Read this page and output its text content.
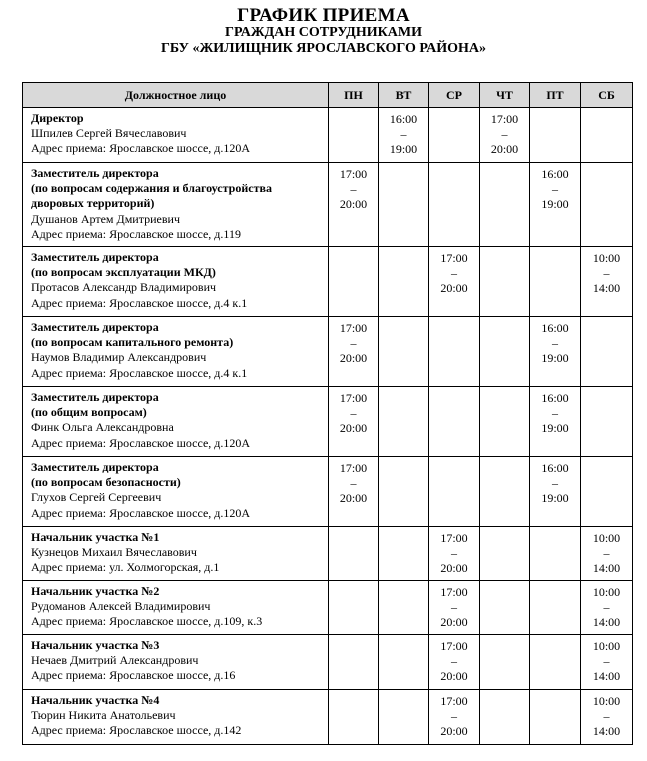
ГРАФИК ПРИЕМА
ГРАЖДАН СОТРУДНИКАМИ
ГБУ «ЖИЛИЩНИК ЯРОСЛАВСКОГО РАЙОНА»
Должностное лицо	ПН	ВТ	СР	ЧТ	ПТ	СБ

Директор
Шпилев Сергей Вячеславович
Адрес приема: Ярославское шоссе, д.120А		16:00
–
19:00		17:00
–
20:00		

Заместитель директора
(по вопросам содержания и благоустройства
дворовых территорий)
Душанов Артем Дмитриевич
Адрес приема: Ярославское шоссе, д.119	17:00
–
20:00				16:00
–
19:00	

Заместитель директора
(по вопросам эксплуатации МКД)
Протасов Александр Владимирович
Адрес приема: Ярославское шоссе, д.4 к.1			17:00
–
20:00			10:00
–
14:00

Заместитель директора
(по вопросам капитального ремонта)
Наумов Владимир Александрович
Адрес приема: Ярославское шоссе, д.4 к.1	17:00
–
20:00				16:00
–
19:00	

Заместитель директора
(по общим вопросам)
Финк Ольга Александровна
Адрес приема: Ярославское шоссе, д.120А	17:00
–
20:00				16:00
–
19:00	

Заместитель директора
(по вопросам безопасности)
Глухов Сергей Сергеевич
Адрес приема: Ярославское шоссе, д.120А	17:00
–
20:00				16:00
–
19:00	

Начальник участка №1
Кузнецов Михаил Вячеславович
Адрес приема: ул. Холмогорская, д.1			17:00
–
20:00			10:00
–
14:00

Начальник участка №2
Рудоманов Алексей Владимирович
Адрес приема: Ярославское шоссе, д.109, к.3			17:00
–
20:00			10:00
–
14:00

Начальник участка №3
Нечаев Дмитрий Александрович
Адрес приема: Ярославское шоссе, д.16			17:00
–
20:00			10:00
–
14:00

Начальник участка №4
Тюрин Никита Анатольевич
Адрес приема: Ярославское шоссе, д.142			17:00
–
20:00			10:00
–
14:00
